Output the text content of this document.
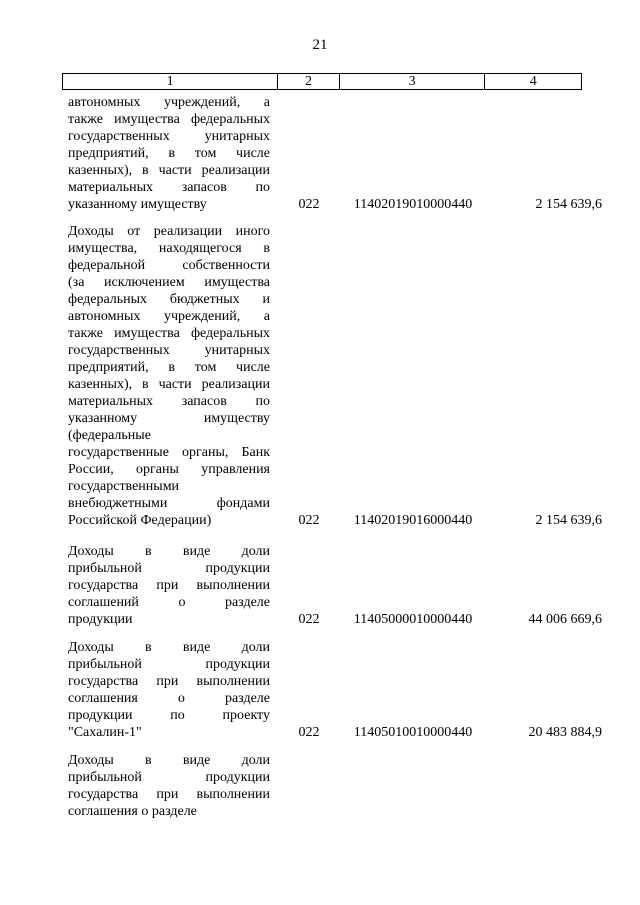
21
1	2	3	4
автономных учреждений, а
также имущества федеральных
государственных унитарных
предприятий, в том числе
казенных), в части реализации
материальных запасов по
указанному имуществу	022	11402019010000440	2 154 639,6
Доходы от реализации иного
имущества, находящегося в
федеральной собственности
(за исключением имущества
федеральных бюджетных и
автономных учреждений, а
также имущества федеральных
государственных унитарных
предприятий, в том числе
казенных), в части реализации
материальных запасов по
указанному имуществу
(федеральные
государственные органы, Банк
России, органы управления
государственными
внебюджетными фондами
Российской Федерации)	022	11402019016000440	2 154 639,6
Доходы в виде доли
прибыльной продукции
государства при выполнении
соглашений о разделе
продукции	022	11405000010000440	44 006 669,6
Доходы в виде доли
прибыльной продукции
государства при выполнении
соглашения о разделе
продукции по проекту
"Сахалин-1"	022	11405010010000440	20 483 884,9
Доходы в виде доли
прибыльной продукции
государства при выполнении
соглашения о разделе
